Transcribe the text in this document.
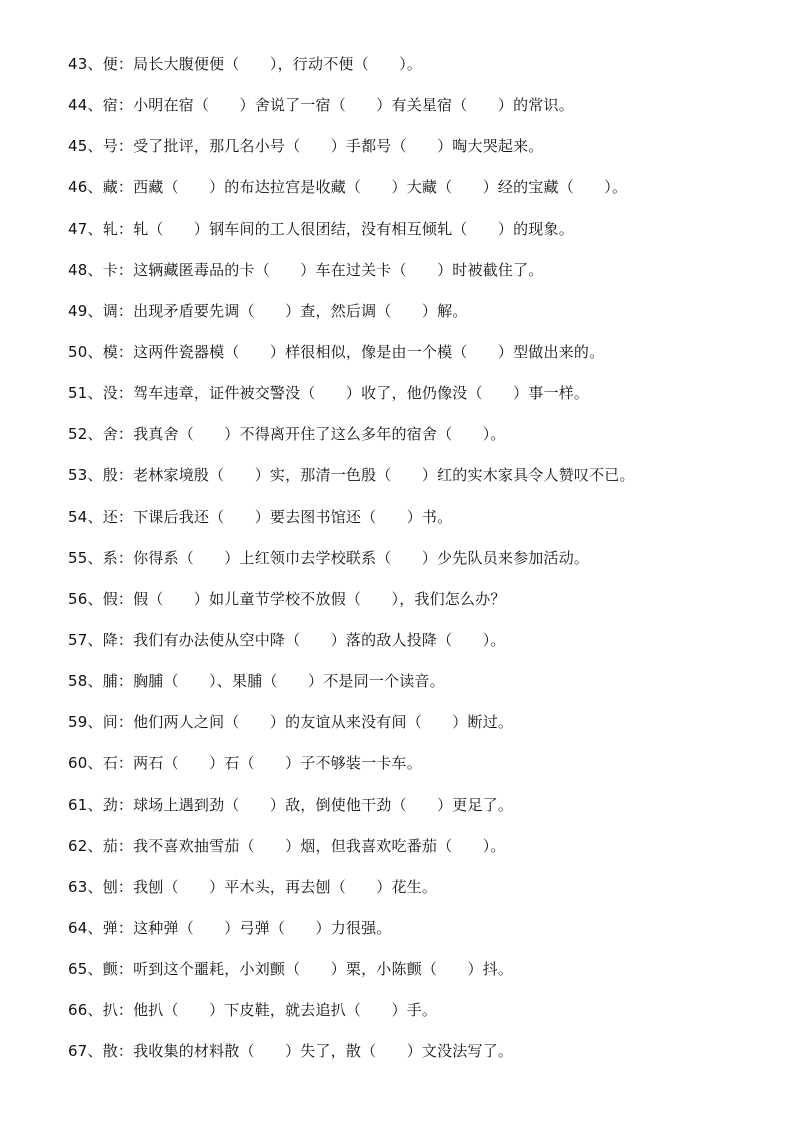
43、便：局长大腹便便（　　），行动不便（　　）。
44、宿：小明在宿（　　）舍说了一宿（　　）有关星宿（　　）的常识。
45、号：受了批评，那几名小号（　　）手都号（　　）啕大哭起来。
46、藏：西藏（　　）的布达拉宫是收藏（　　）大藏（　　）经的宝藏（　　）。
47、轧：轧（　　）钢车间的工人很团结，没有相互倾轧（　　）的现象。
48、卡：这辆藏匿毒品的卡（　　）车在过关卡（　　）时被截住了。
49、调：出现矛盾要先调（　　）查，然后调（　　）解。
50、模：这两件瓷器模（　　）样很相似，像是由一个模（　　）型做出来的。
51、没：驾车违章，证件被交警没（　　）收了，他仍像没（　　）事一样。
52、舍：我真舍（　　）不得离开住了这么多年的宿舍（　　）。
53、殷：老林家境殷（　　）实，那清一色殷（　　）红的实木家具令人赞叹不已。
54、还：下课后我还（　　）要去图书馆还（　　）书。
55、系：你得系（　　）上红领巾去学校联系（　　）少先队员来参加活动。
56、假：假（　　）如儿童节学校不放假（　　），我们怎么办？
57、降：我们有办法使从空中降（　　）落的敌人投降（　　）。
58、脯：胸脯（　　）、果脯（　　）不是同一个读音。
59、间：他们两人之间（　　）的友谊从来没有间（　　）断过。
60、石：两石（　　）石（　　）子不够装一卡车。
61、劲：球场上遇到劲（　　）敌，倒使他干劲（　　）更足了。
62、茄：我不喜欢抽雪茄（　　）烟，但我喜欢吃番茄（　　）。
63、刨：我刨（　　）平木头，再去刨（　　）花生。
64、弹：这种弹（　　）弓弹（　　）力很强。
65、颤：听到这个噩耗，小刘颤（　　）栗，小陈颤（　　）抖。
66、扒：他扒（　　）下皮鞋，就去追扒（　　）手。
67、散：我收集的材料散（　　）失了，散（　　）文没法写了。
